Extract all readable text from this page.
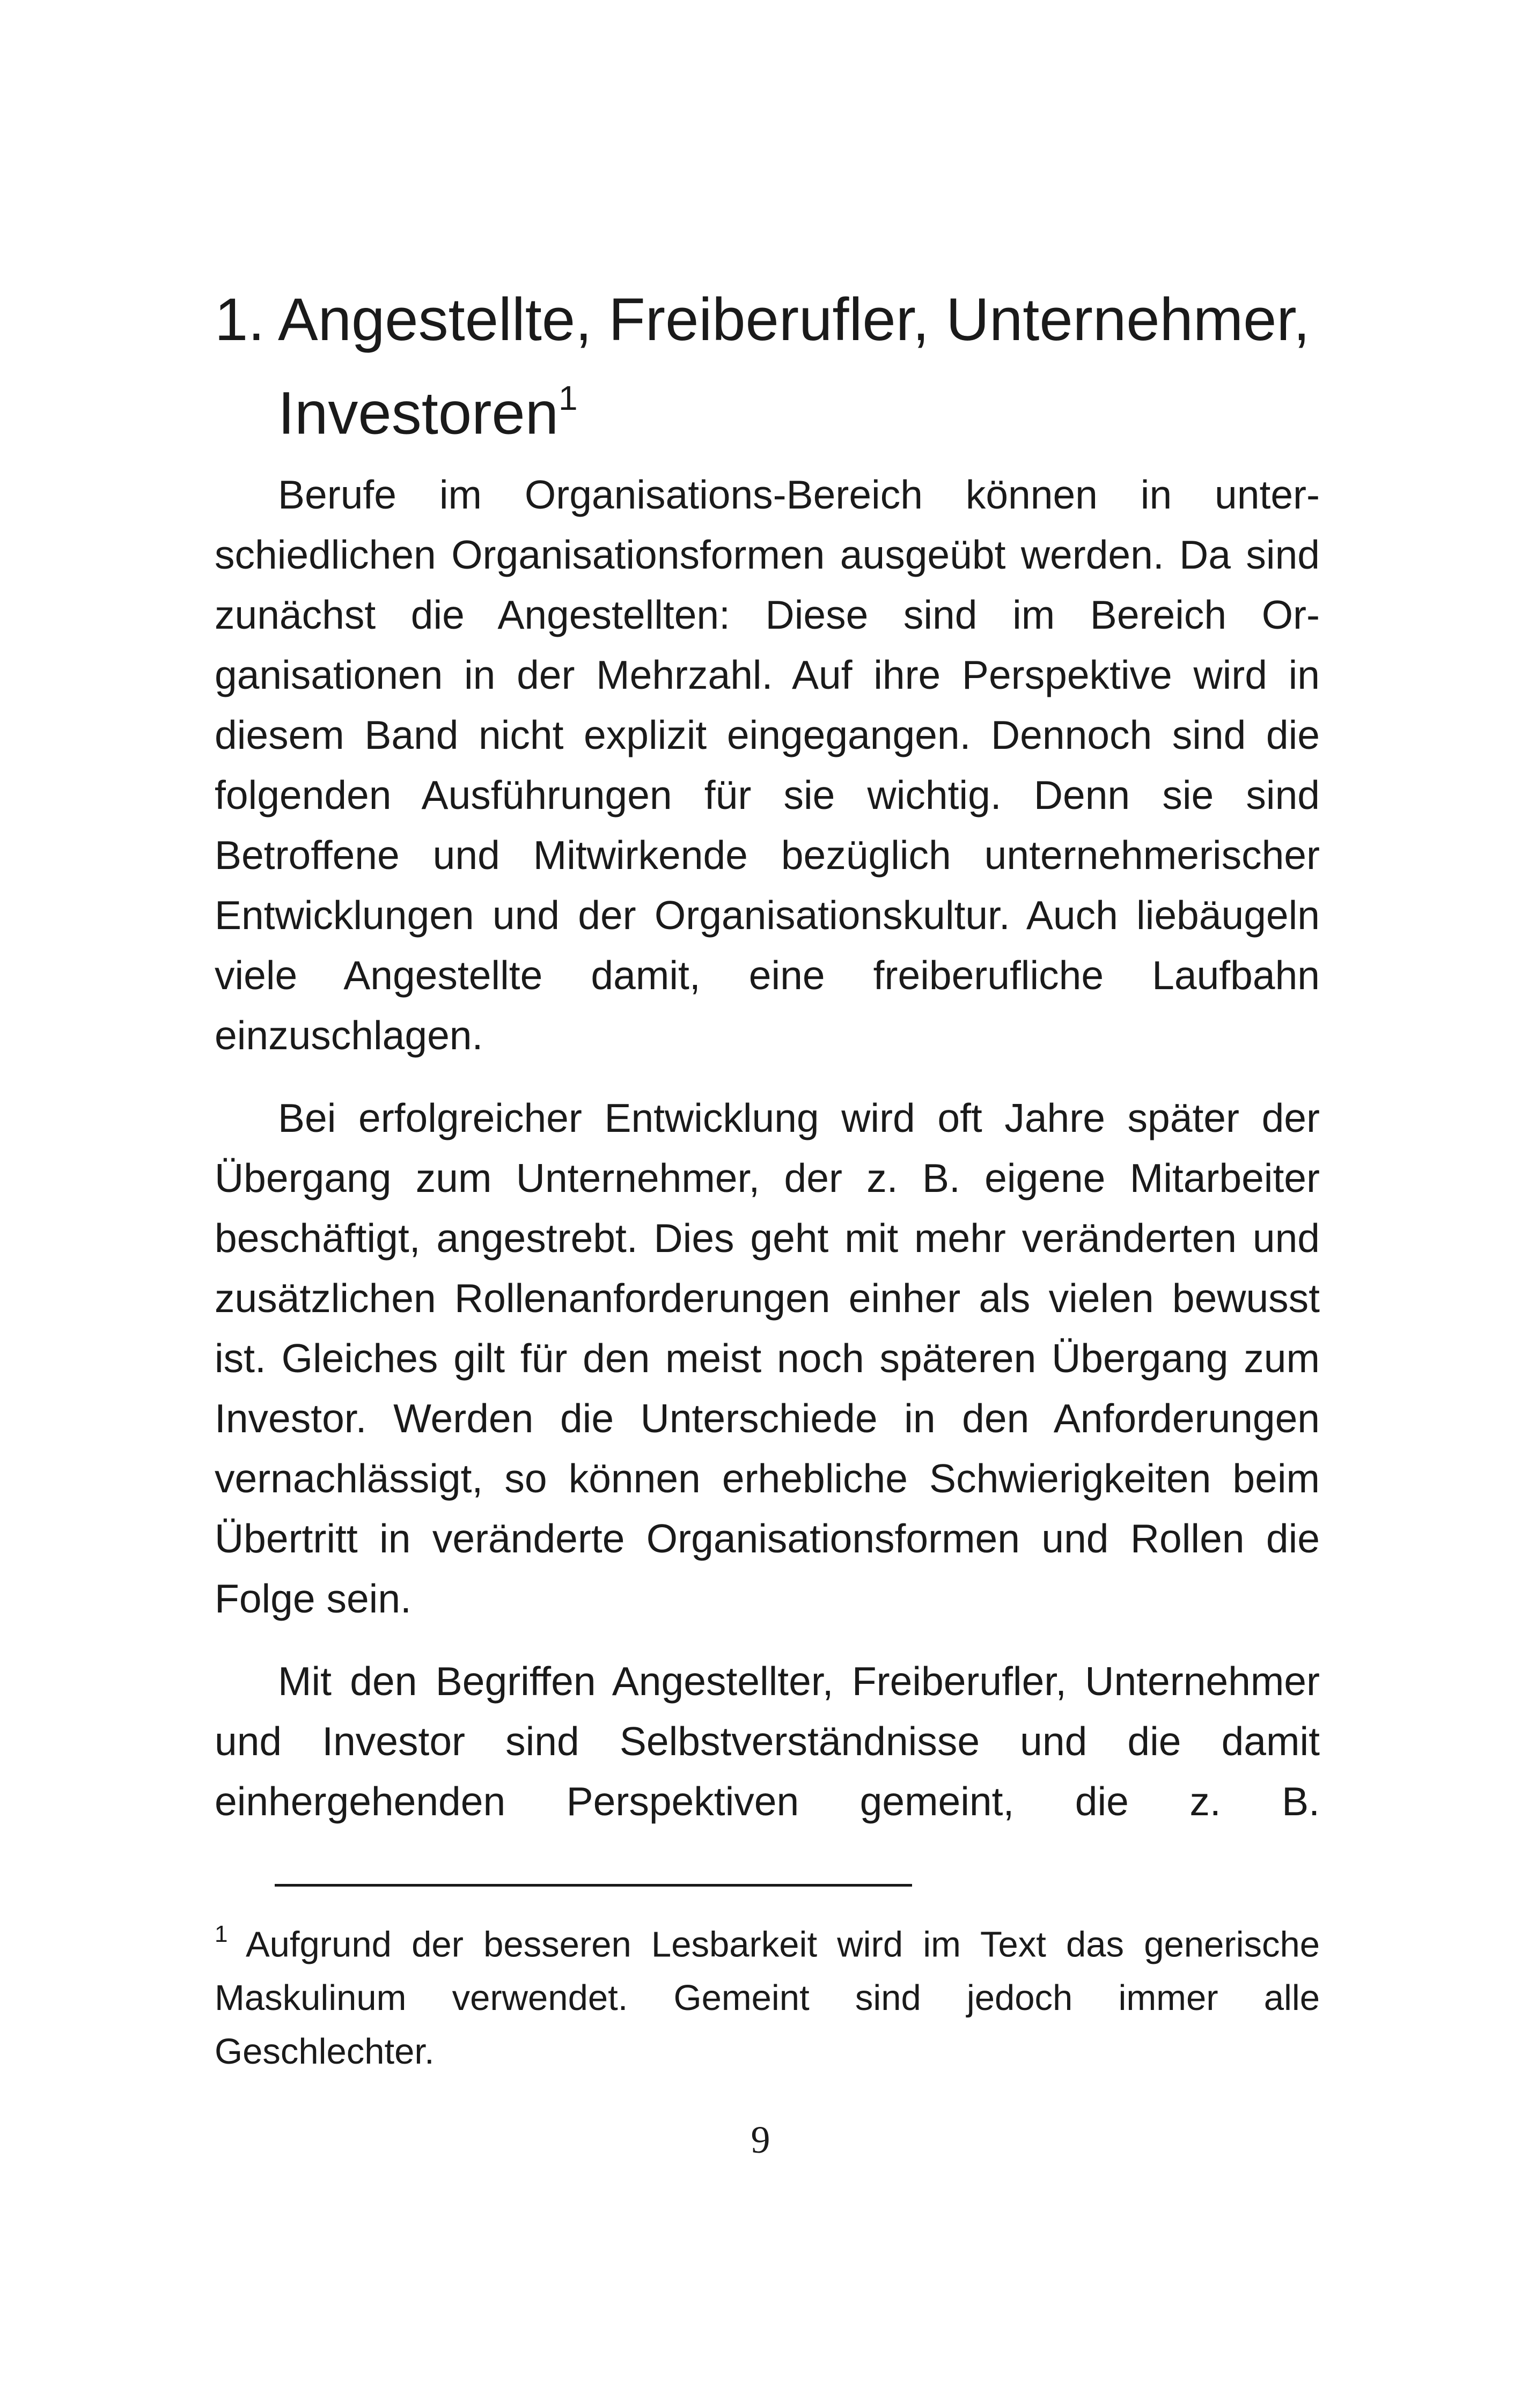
1. Angestellte, Freiberufler, Unternehmer, Investoren$^1$

Berufe im Organisations-Bereich können in unterschiedlichen Organisationsformen ausgeübt werden. Da sind zunächst die Angestellten: Diese sind im Bereich Organisationen in der Mehrzahl. Auf ihre Perspektive wird in diesem Band nicht explizit eingegangen. Dennoch sind die folgenden Ausführungen für sie wichtig. Denn sie sind Betroffene und Mitwirkende bezüglich unternehmerischer Entwicklungen und der Organisationskultur. Auch liebäugeln viele Angestellte damit, eine freiberufliche Laufbahn einzuschlagen.

Bei erfolgreicher Entwicklung wird oft Jahre später der Übergang zum Unternehmer, der z. B. eigene Mitarbeiter beschäftigt, angestrebt. Dies geht mit mehr veränderten und zusätzlichen Rollenanforderungen einher als vielen bewusst ist. Gleiches gilt für den meist noch späteren Übergang zum Investor. Werden die Unterschiede in den Anforderungen vernachlässigt, so können erhebliche Schwierigkeiten beim Übertritt in veränderte Organisationsformen und Rollen die Folge sein.

Mit den Begriffen Angestellter, Freiberufler, Unternehmer und Investor sind Selbstverständnisse und die damit einhergehenden Perspektiven gemeint, die z. B.

$^1$ Aufgrund der besseren Lesbarkeit wird im Text das generische Maskulinum verwendet. Gemeint sind jedoch immer alle Geschlechter.
9
